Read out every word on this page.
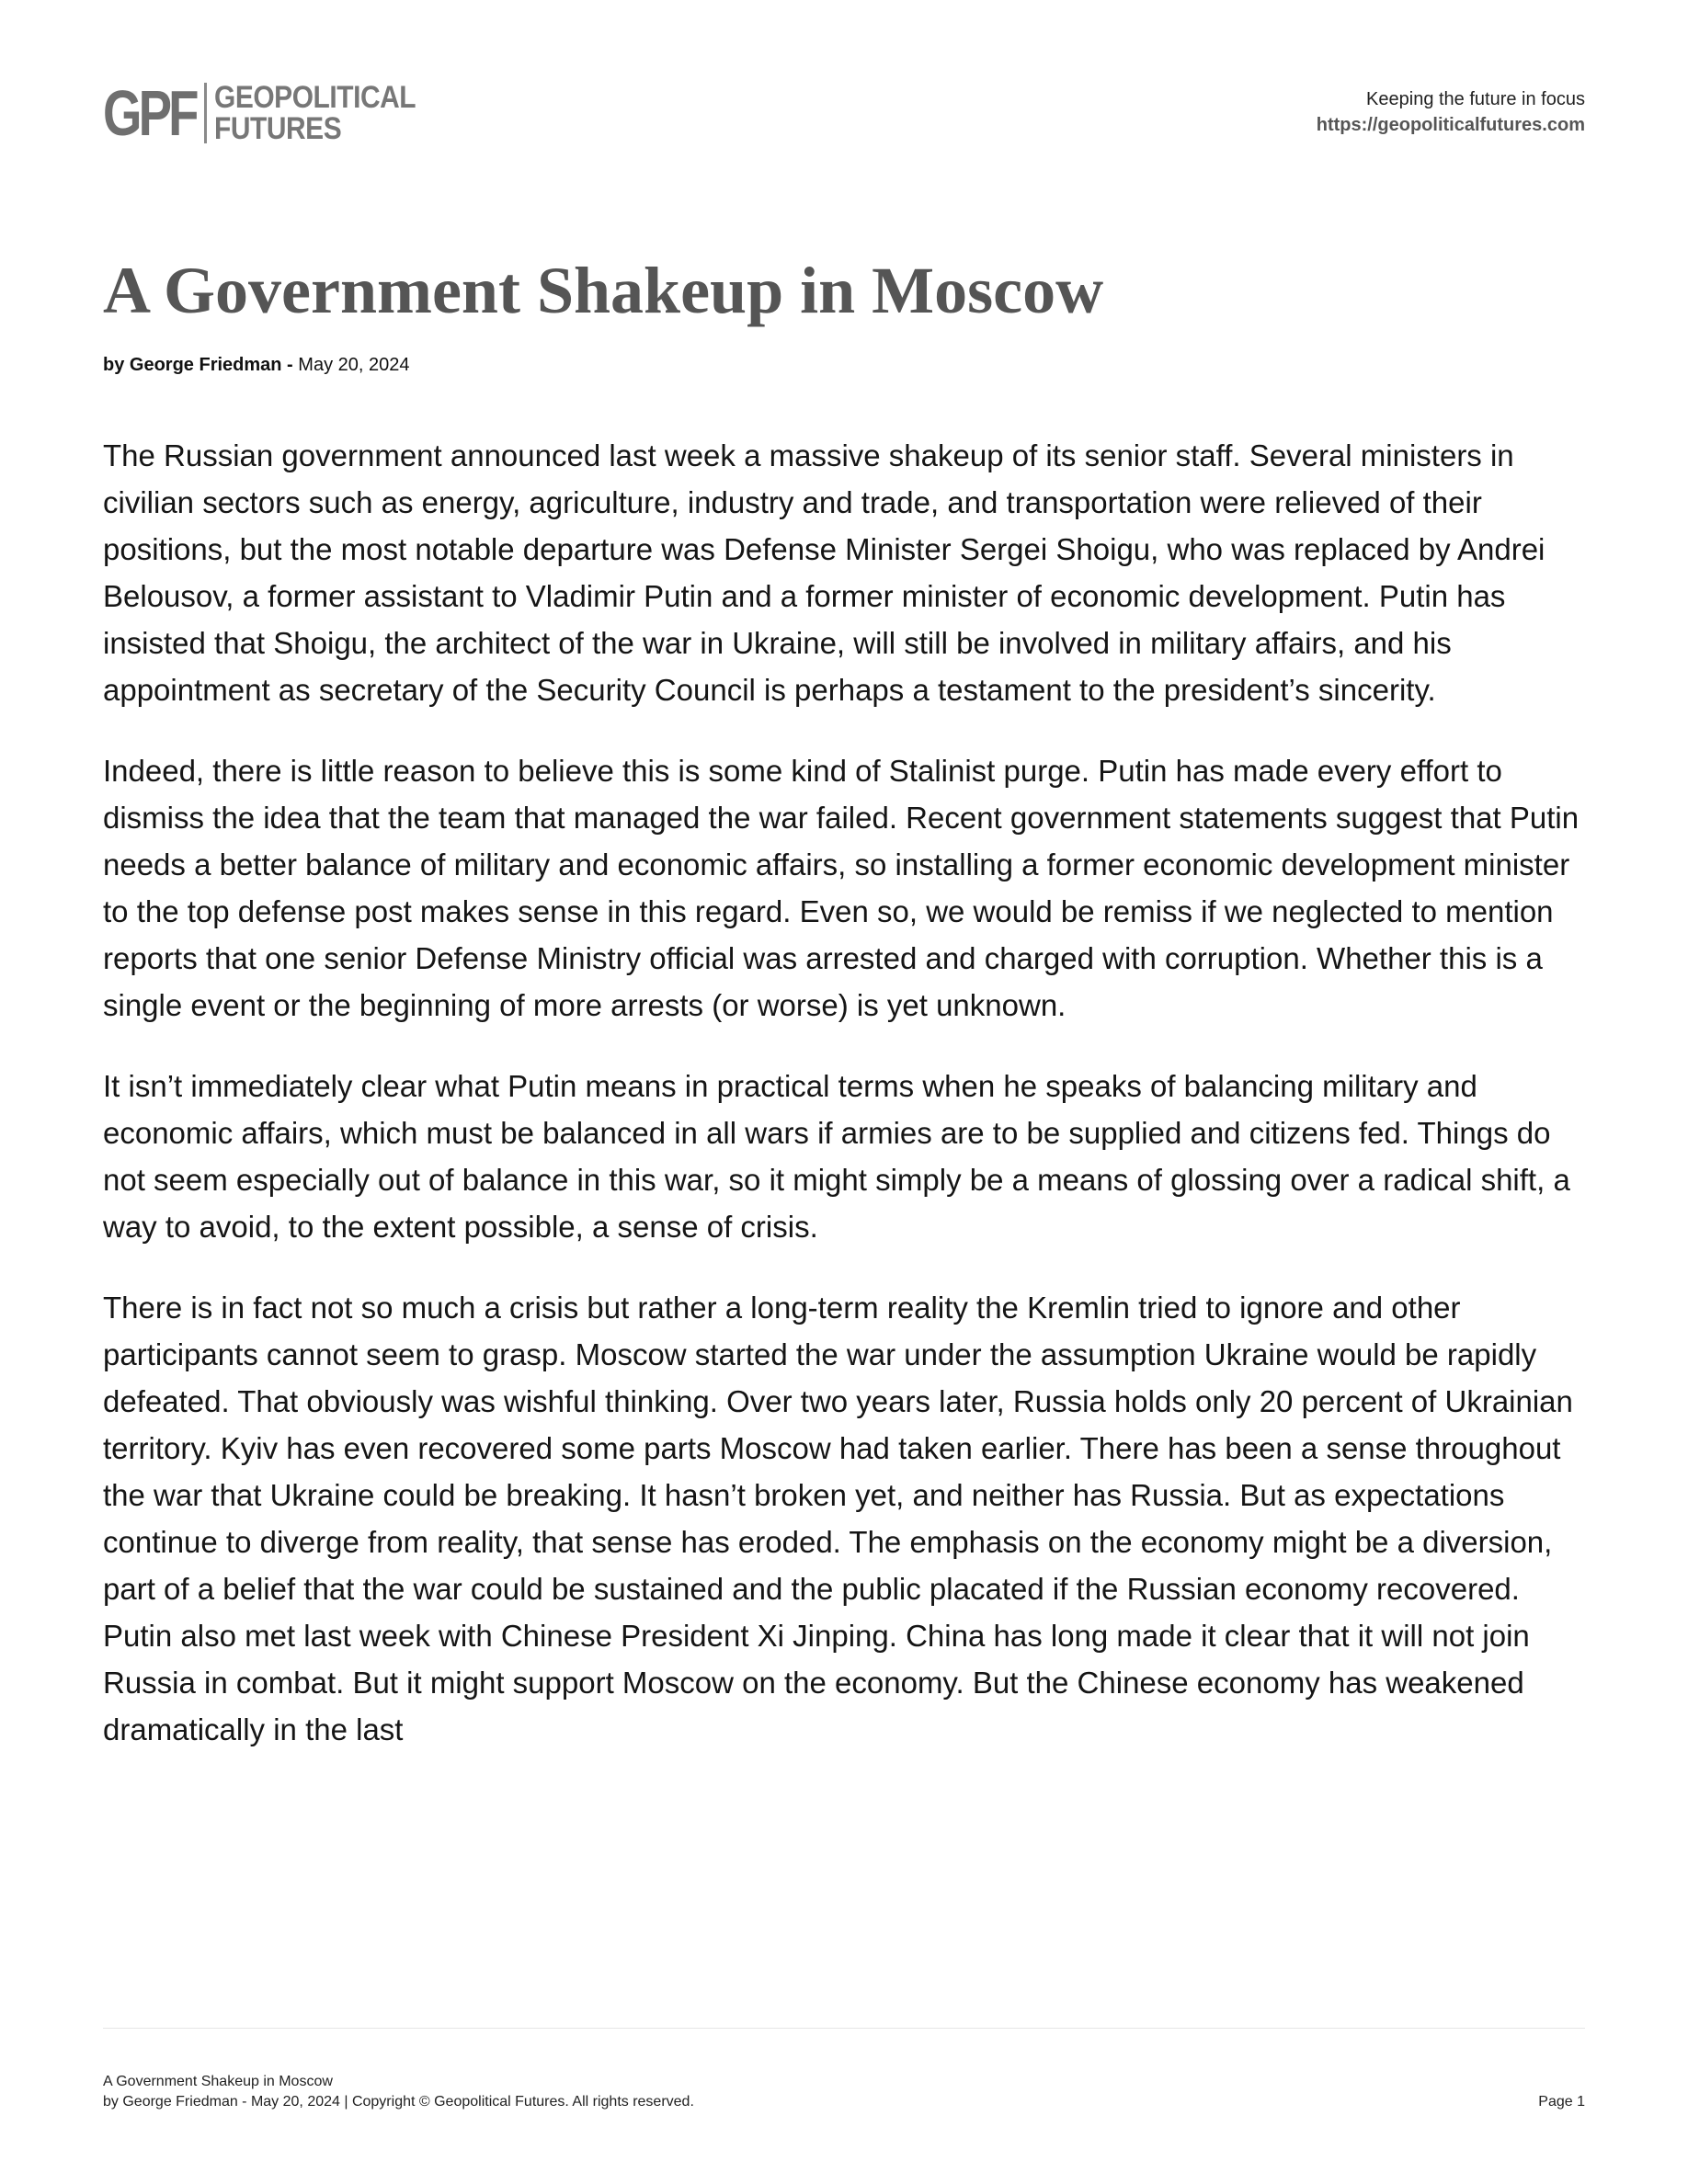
GPF GEOPOLITICAL
FUTURES
Keeping the future in focus
https://geopoliticalfutures.com
A Government Shakeup in Moscow
by George Friedman - May 20, 2024

The Russian government announced last week a massive shakeup of its senior staff. Several ministers in civilian sectors such as energy, agriculture, industry and trade, and transportation were relieved of their positions, but the most notable departure was Defense Minister Sergei Shoigu, who was replaced by Andrei Belousov, a former assistant to Vladimir Putin and a former minister of economic development. Putin has insisted that Shoigu, the architect of the war in Ukraine, will still be involved in military affairs, and his appointment as secretary of the Security Council is perhaps a testament to the president’s sincerity.

Indeed, there is little reason to believe this is some kind of Stalinist purge. Putin has made every effort to dismiss the idea that the team that managed the war failed. Recent government statements suggest that Putin needs a better balance of military and economic affairs, so installing a former economic development minister to the top defense post makes sense in this regard. Even so, we would be remiss if we neglected to mention reports that one senior Defense Ministry official was arrested and charged with corruption. Whether this is a single event or the beginning of more arrests (or worse) is yet unknown.

It isn’t immediately clear what Putin means in practical terms when he speaks of balancing military and economic affairs, which must be balanced in all wars if armies are to be supplied and citizens fed. Things do not seem especially out of balance in this war, so it might simply be a means of glossing over a radical shift, a way to avoid, to the extent possible, a sense of crisis.

There is in fact not so much a crisis but rather a long-term reality the Kremlin tried to ignore and other participants cannot seem to grasp. Moscow started the war under the assumption Ukraine would be rapidly defeated. That obviously was wishful thinking. Over two years later, Russia holds only 20 percent of Ukrainian territory. Kyiv has even recovered some parts Moscow had taken earlier. There has been a sense throughout the war that Ukraine could be breaking. It hasn’t broken yet, and neither has Russia. But as expectations continue to diverge from reality, that sense has eroded. The emphasis on the economy might be a diversion, part of a belief that the war could be sustained and the public placated if the Russian economy recovered. Putin also met last week with Chinese President Xi Jinping. China has long made it clear that it will not join Russia in combat. But it might support Moscow on the economy. But the Chinese economy has weakened dramatically in the last

A Government Shakeup in Moscow
by George Friedman - May 20, 2024 | Copyright © Geopolitical Futures. All rights reserved.	Page 1
